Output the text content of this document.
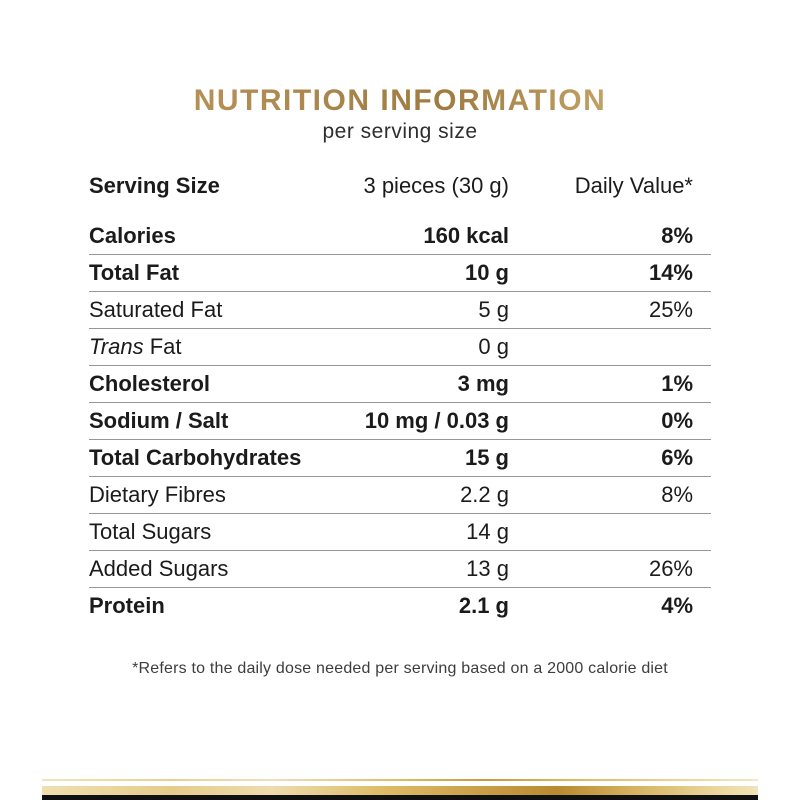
NUTRITION INFORMATION
per serving size
Serving Size	3 pieces (30 g)	Daily Value*
Calories	160 kcal	8%
Total Fat	10 g	14%
Saturated Fat	5 g	25%
Trans Fat	0 g
Cholesterol	3 mg	1%
Sodium / Salt	10 mg / 0.03 g	0%
Total Carbohydrates	15 g	6%
Dietary Fibres	2.2 g	8%
Total Sugars	14 g
Added Sugars	13 g	26%
Protein	2.1 g	4%
*Refers to the daily dose needed per serving based on a 2000 calorie diet
